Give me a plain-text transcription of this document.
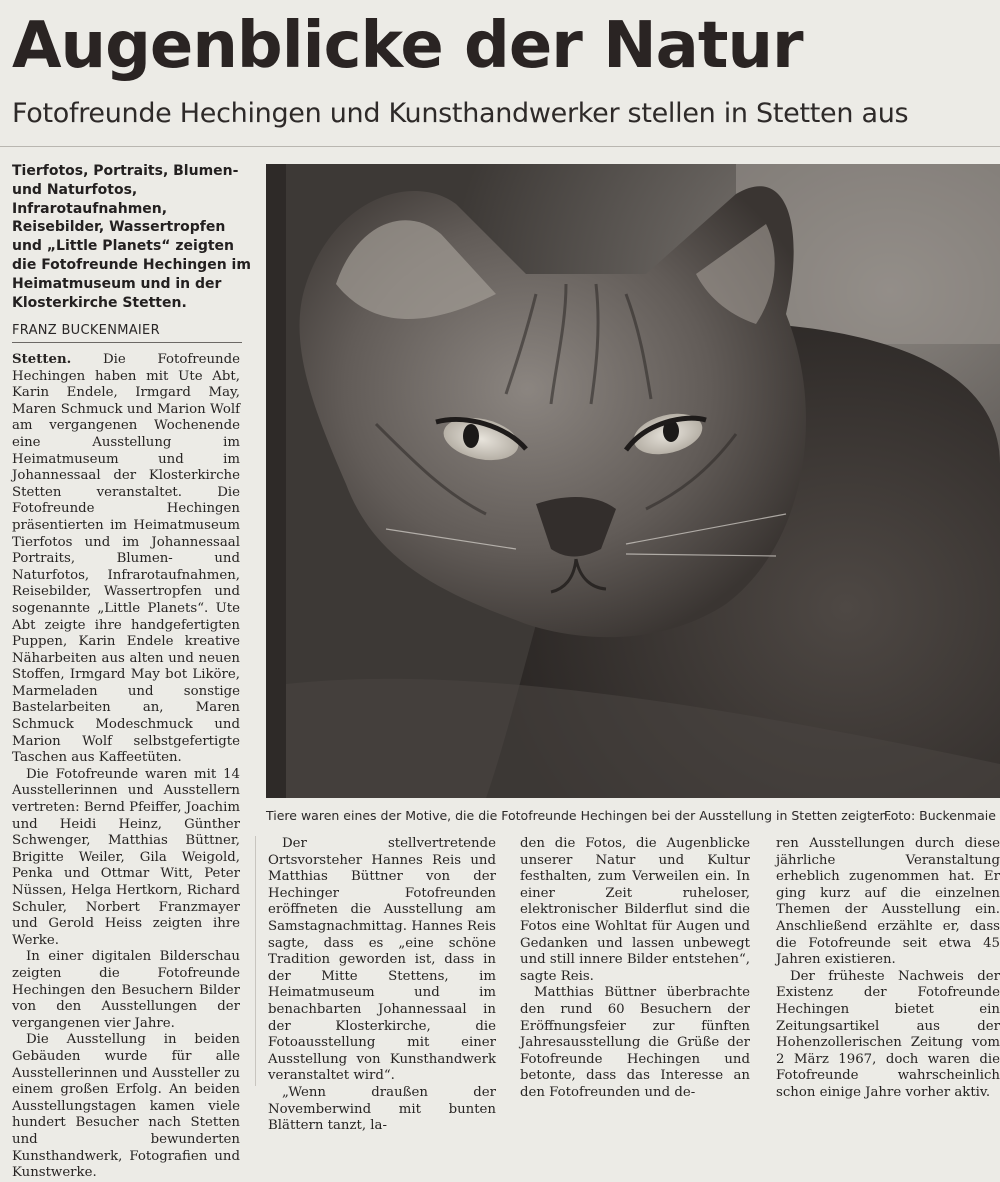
Augenblicke der Natur
Fotofreunde Hechingen und Kunsthandwerker stellen in Stetten aus

Tierfotos, Portraits, Blumen- und Naturfotos, Infrarotaufnahmen, Reisebilder, Wassertropfen und „Little Planets“ zeigten die Fotofreunde Hechingen im Heimatmuseum und in der Klosterkirche Stetten.

FRANZ BUCKENMAIER

Stetten. Die Fotofreunde Hechingen haben mit Ute Abt, Karin Endele, Irmgard May, Maren Schmuck und Marion Wolf am vergangenen Wochenende eine Ausstellung im Heimatmuseum und im Johannessaal der Klosterkirche Stetten veranstaltet. Die Fotofreunde Hechingen präsentierten im Heimatmuseum Tierfotos und im Johannessaal Portraits, Blumen- und Naturfotos, Infrarotaufnahmen, Reisebilder, Wassertropfen und sogenannte „Little Planets“. Ute Abt zeigte ihre handgefertigten Puppen, Karin Endele kreative Näharbeiten aus alten und neuen Stoffen, Irmgard May bot Liköre, Marmeladen und sonstige Bastelarbeiten an, Maren Schmuck Modeschmuck und Marion Wolf selbstgefertigte Taschen aus Kaffeetüten.

Die Fotofreunde waren mit 14 Ausstellerinnen und Ausstellern vertreten: Bernd Pfeiffer, Joachim und Heidi Heinz, Günther Schwenger, Matthias Büttner, Brigitte Weiler, Gila Weigold, Penka und Ottmar Witt, Peter Nüssen, Helga Hertkorn, Richard Schuler, Norbert Franzmayer und Gerold Heiss zeigten ihre Werke.

In einer digitalen Bilderschau zeigten die Fotofreunde Hechingen den Besuchern Bilder von den Ausstellungen der vergangenen vier Jahre.

Die Ausstellung in beiden Gebäuden wurde für alle Ausstellerinnen und Aussteller zu einem großen Erfolg. An beiden Ausstellungstagen kamen viele hundert Besucher nach Stetten und bewunderten Kunsthandwerk, Fotografien und Kunstwerke.

Tiere waren eines der Motive, die die Fotofreunde Hechingen bei der Ausstellung in Stetten zeigten.
Foto: Buckenmaie

Der stellvertretende Ortsvorsteher Hannes Reis und Matthias Büttner von der Hechinger Fotofreunden eröffneten die Ausstellung am Samstagnachmittag. Hannes Reis sagte, dass es „eine schöne Tradition geworden ist, dass in der Mitte Stettens, im Heimatmuseum und im benachbarten Johannessaal in der Klosterkirche, die Fotoausstellung mit einer Ausstellung von Kunsthandwerk veranstaltet wird“.

„Wenn draußen der Novemberwind mit bunten Blättern tanzt, la-

den die Fotos, die Augenblicke unserer Natur und Kultur festhalten, zum Verweilen ein. In einer Zeit ruheloser, elektronischer Bilderflut sind die Fotos eine Wohltat für Augen und Gedanken und lassen unbewegt und still innere Bilder entstehen“, sagte Reis.

Matthias Büttner überbrachte den rund 60 Besuchern der Eröffnungsfeier zur fünften Jahresausstellung die Grüße der Fotofreunde Hechingen und betonte, dass das Interesse an den Fotofreunden und de-

ren Ausstellungen durch diese jährliche Veranstaltung erheblich zugenommen hat. Er ging kurz auf die einzelnen Themen der Ausstellung ein. Anschließend erzählte er, dass die Fotofreunde seit etwa 45 Jahren existieren.

Der früheste Nachweis der Existenz der Fotofreunde Hechingen bietet ein Zeitungsartikel aus der Hohenzollerischen Zeitung vom 2 März 1967, doch waren die Fotofreunde wahrscheinlich schon einige Jahre vorher aktiv.
